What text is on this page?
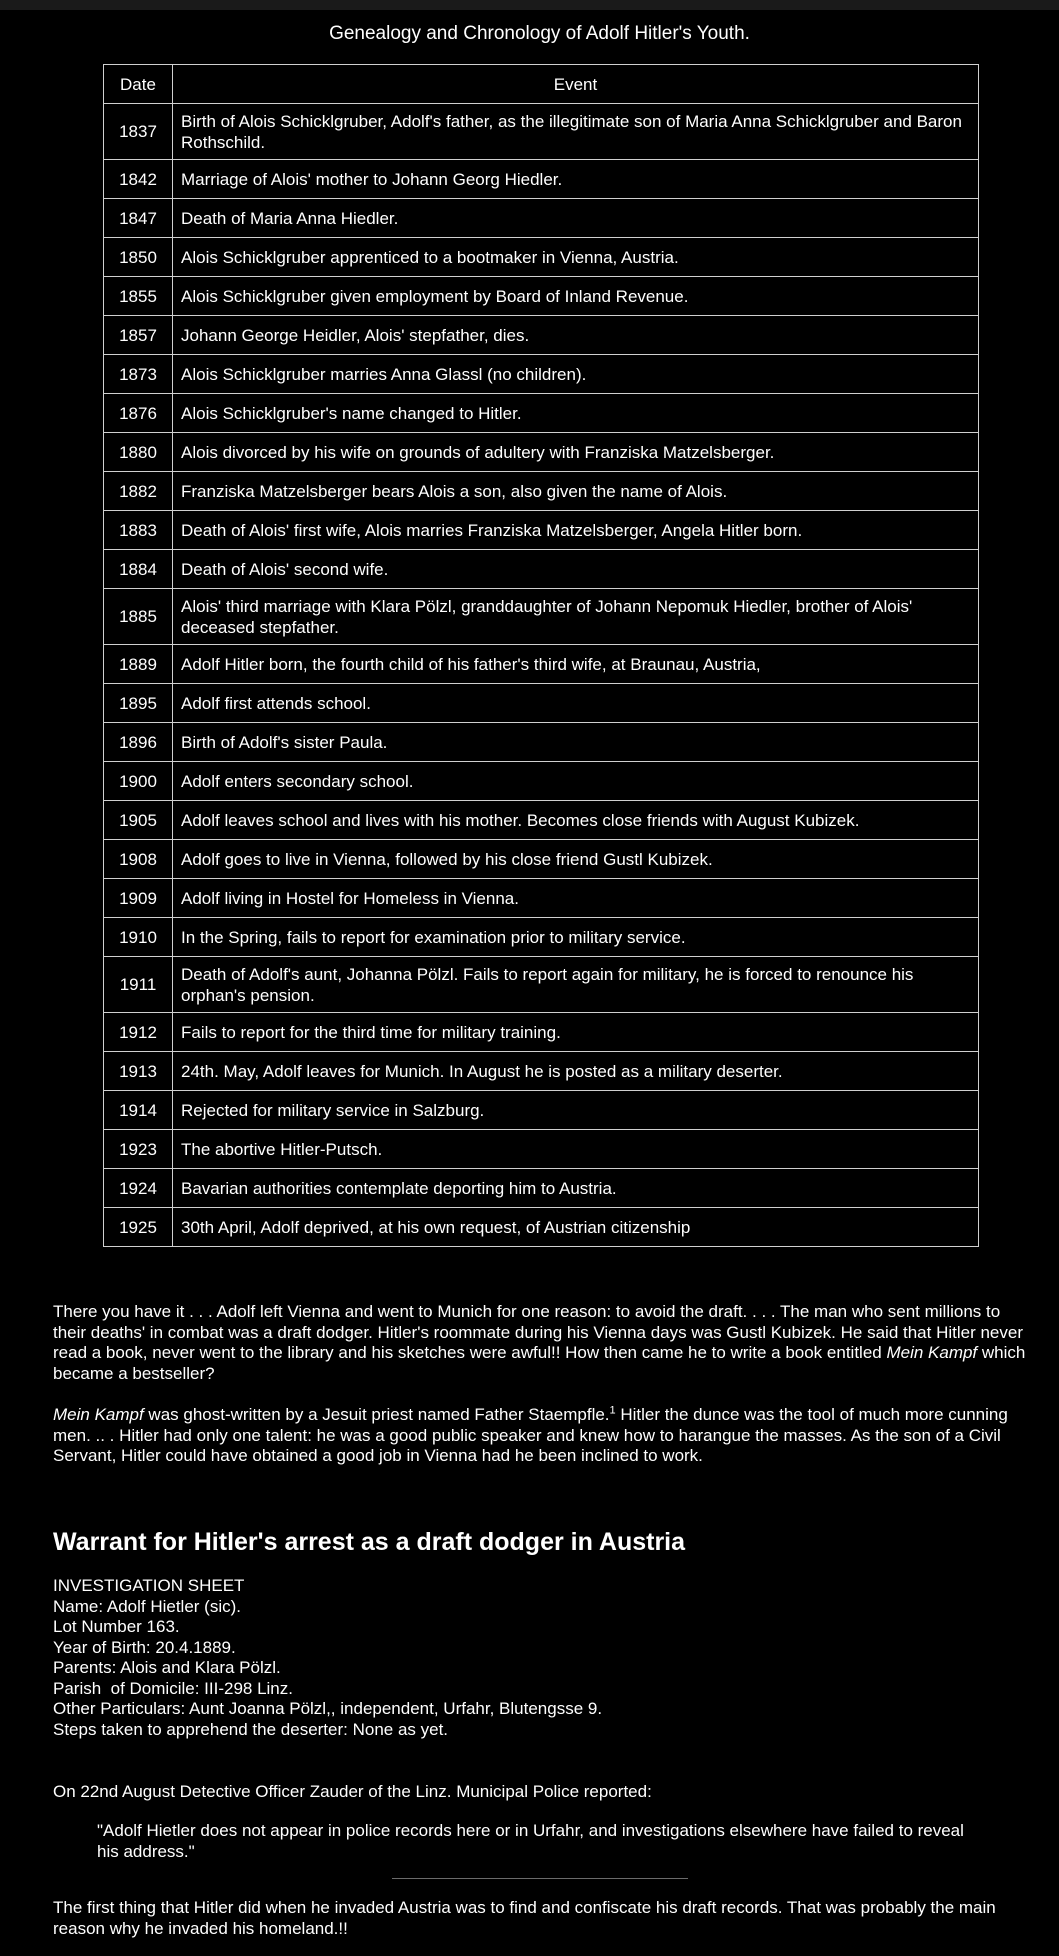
Genealogy and Chronology of Adolf Hitler's Youth.
Date	Event
1837	Birth of Alois Schicklgruber, Adolf's father, as the illegitimate son of Maria Anna Schicklgruber and Baron Rothschild.
1842	Marriage of Alois' mother to Johann Georg Hiedler.
1847	Death of Maria Anna Hiedler.
1850	Alois Schicklgruber apprenticed to a bootmaker in Vienna, Austria.
1855	Alois Schicklgruber given employment by Board of Inland Revenue.
1857	Johann George Heidler, Alois' stepfather, dies.
1873	Alois Schicklgruber marries Anna Glassl (no children).
1876	Alois Schicklgruber's name changed to Hitler.
1880	Alois divorced by his wife on grounds of adultery with Franziska Matzelsberger.
1882	Franziska Matzelsberger bears Alois a son, also given the name of Alois.
1883	Death of Alois' first wife, Alois marries Franziska Matzelsberger, Angela Hitler born.
1884	Death of Alois' second wife.
1885	Alois' third marriage with Klara Pölzl, granddaughter of Johann Nepomuk Hiedler, brother of Alois' deceased stepfather.
1889	Adolf Hitler born, the fourth child of his father's third wife, at Braunau, Austria,
1895	Adolf first attends school.
1896	Birth of Adolf's sister Paula.
1900	Adolf enters secondary school.
1905	Adolf leaves school and lives with his mother. Becomes close friends with August Kubizek.
1908	Adolf goes to live in Vienna, followed by his close friend Gustl Kubizek.
1909	Adolf living in Hostel for Homeless in Vienna.
1910	In the Spring, fails to report for examination prior to military service.
1911	Death of Adolf's aunt, Johanna Pölzl. Fails to report again for military, he is forced to renounce his orphan's pension.
1912	Fails to report for the third time for military training.
1913	24th. May, Adolf leaves for Munich. In August he is posted as a military deserter.
1914	Rejected for military service in Salzburg.
1923	The abortive Hitler-Putsch.
1924	Bavarian authorities contemplate deporting him to Austria.
1925	30th April, Adolf deprived, at his own request, of Austrian citizenship
There you have it . . . Adolf left Vienna and went to Munich for one reason: to avoid the draft. . . . The man who sent millions to their deaths' in combat was a draft dodger. Hitler's roommate during his Vienna days was Gustl Kubizek. He said that Hitler never read a book, never went to the library and his sketches were awful!! How then came he to write a book entitled Mein Kampf which became a bestseller?
Mein Kampf was ghost-written by a Jesuit priest named Father Staempfle.$^1$ Hitler the dunce was the tool of much more cunning men. .. . Hitler had only one talent: he was a good public speaker and knew how to harangue the masses. As the son of a Civil Servant, Hitler could have obtained a good job in Vienna had he been inclined to work.
Warrant for Hitler's arrest as a draft dodger in Austria
INVESTIGATION SHEET
Name: Adolf Hietler (sic).
Lot Number 163.
Year of Birth: 20.4.1889.
Parents: Alois and Klara Pölzl.
Parish  of Domicile: III-298 Linz.
Other Particulars: Aunt Joanna Pölzl,, independent, Urfahr, Blutengsse 9.
Steps taken to apprehend the deserter: None as yet.
On 22nd August Detective Officer Zauder of the Linz. Municipal Police reported:
"Adolf Hietler does not appear in police records here or in Urfahr, and investigations elsewhere have failed to reveal his address."
The first thing that Hitler did when he invaded Austria was to find and confiscate his draft records. That was probably the main reason why he invaded his homeland.!!
